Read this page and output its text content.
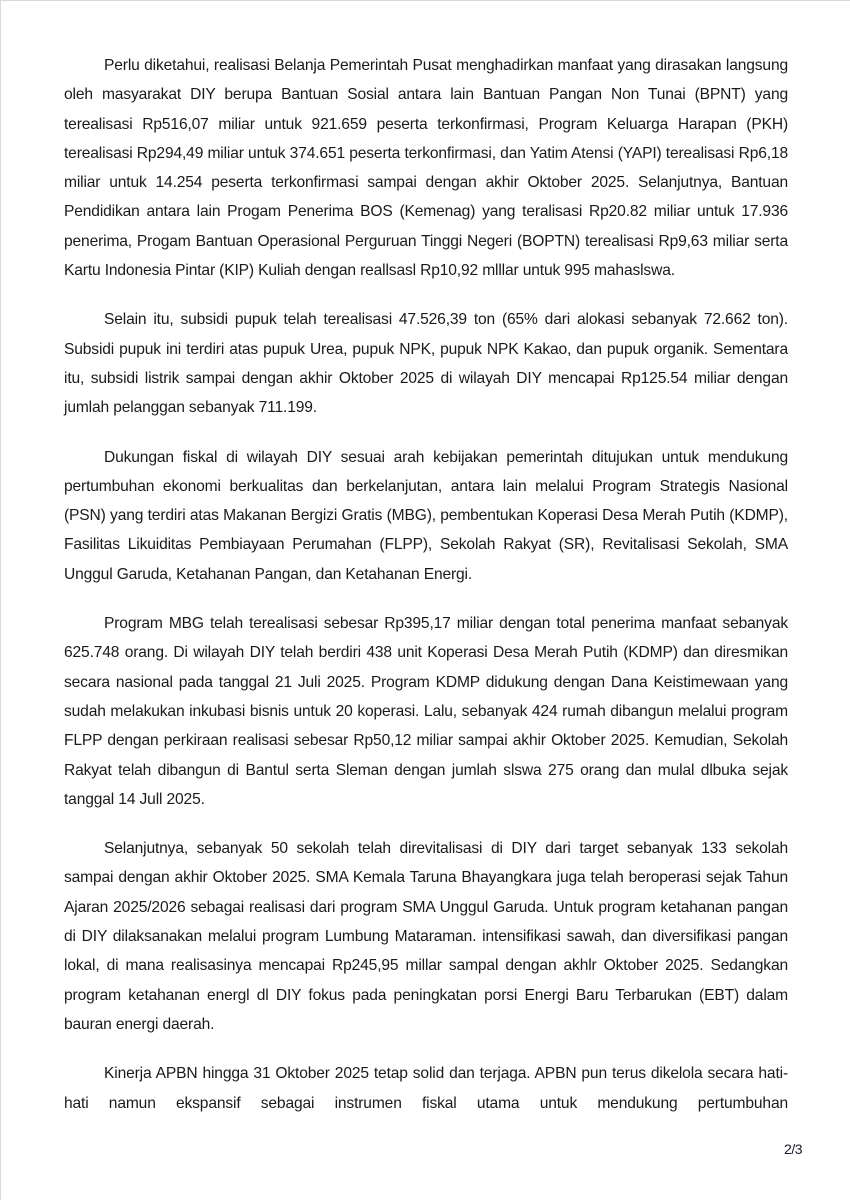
Perlu diketahui, realisasi Belanja Pemerintah Pusat menghadirkan manfaat yang dirasakan langsung oleh masyarakat DIY berupa Bantuan Sosial antara lain Bantuan Pangan Non Tunai (BPNT) yang terealisasi Rp516,07 miliar untuk 921.659 peserta terkonfirmasi, Program Keluarga Harapan (PKH) terealisasi Rp294,49 miliar untuk 374.651 peserta terkonfirmasi, dan Yatim Atensi (YAPI) terealisasi Rp6,18 miliar untuk 14.254 peserta terkonfirmasi sampai dengan akhir Oktober 2025. Selanjutnya, Bantuan Pendidikan antara lain Progam Penerima BOS (Kemenag) yang teralisasi Rp20.82 miliar untuk 17.936 penerima, Progam Bantuan Operasional Perguruan Tinggi Negeri (BOPTN) terealisasi Rp9,63 miliar serta Kartu Indonesia Pintar (KIP) Kuliah dengan reallsasl Rp10,92 mlllar untuk 995 mahaslswa.

Selain itu, subsidi pupuk telah terealisasi 47.526,39 ton (65% dari alokasi sebanyak 72.662 ton). Subsidi pupuk ini terdiri atas pupuk Urea, pupuk NPK, pupuk NPK Kakao, dan pupuk organik. Sementara itu, subsidi listrik sampai dengan akhir Oktober 2025 di wilayah DIY mencapai Rp125.54 miliar dengan jumlah pelanggan sebanyak 711.199.

Dukungan fiskal di wilayah DIY sesuai arah kebijakan pemerintah ditujukan untuk mendukung pertumbuhan ekonomi berkualitas dan berkelanjutan, antara lain melalui Program Strategis Nasional (PSN) yang terdiri atas Makanan Bergizi Gratis (MBG), pembentukan Koperasi Desa Merah Putih (KDMP), Fasilitas Likuiditas Pembiayaan Perumahan (FLPP), Sekolah Rakyat (SR), Revitalisasi Sekolah, SMA Unggul Garuda, Ketahanan Pangan, dan Ketahanan Energi.

Program MBG telah terealisasi sebesar Rp395,17 miliar dengan total penerima manfaat sebanyak 625.748 orang. Di wilayah DIY telah berdiri 438 unit Koperasi Desa Merah Putih (KDMP) dan diresmikan secara nasional pada tanggal 21 Juli 2025. Program KDMP didukung dengan Dana Keistimewaan yang sudah melakukan inkubasi bisnis untuk 20 koperasi. Lalu, sebanyak 424 rumah dibangun melalui program FLPP dengan perkiraan realisasi sebesar Rp50,12 miliar sampai akhir Oktober 2025. Kemudian, Sekolah Rakyat telah dibangun di Bantul serta Sleman dengan jumlah slswa 275 orang dan mulal dlbuka sejak tanggal 14 Jull 2025.

Selanjutnya, sebanyak 50 sekolah telah direvitalisasi di DIY dari target sebanyak 133 sekolah sampai dengan akhir Oktober 2025. SMA Kemala Taruna Bhayangkara juga telah beroperasi sejak Tahun Ajaran 2025/2026 sebagai realisasi dari program SMA Unggul Garuda. Untuk program ketahanan pangan di DIY dilaksanakan melalui program Lumbung Mataraman. intensifikasi sawah, dan diversifikasi pangan lokal, di mana realisasinya mencapai Rp245,95 millar sampal dengan akhlr Oktober 2025. Sedangkan program ketahanan energl dl DIY fokus pada peningkatan porsi Energi Baru Terbarukan (EBT) dalam bauran energi daerah.

Kinerja APBN hingga 31 Oktober 2025 tetap solid dan terjaga. APBN pun terus dikelola secara hati-hati namun ekspansif sebagai instrumen fiskal utama untuk mendukung pertumbuhan

2/3
